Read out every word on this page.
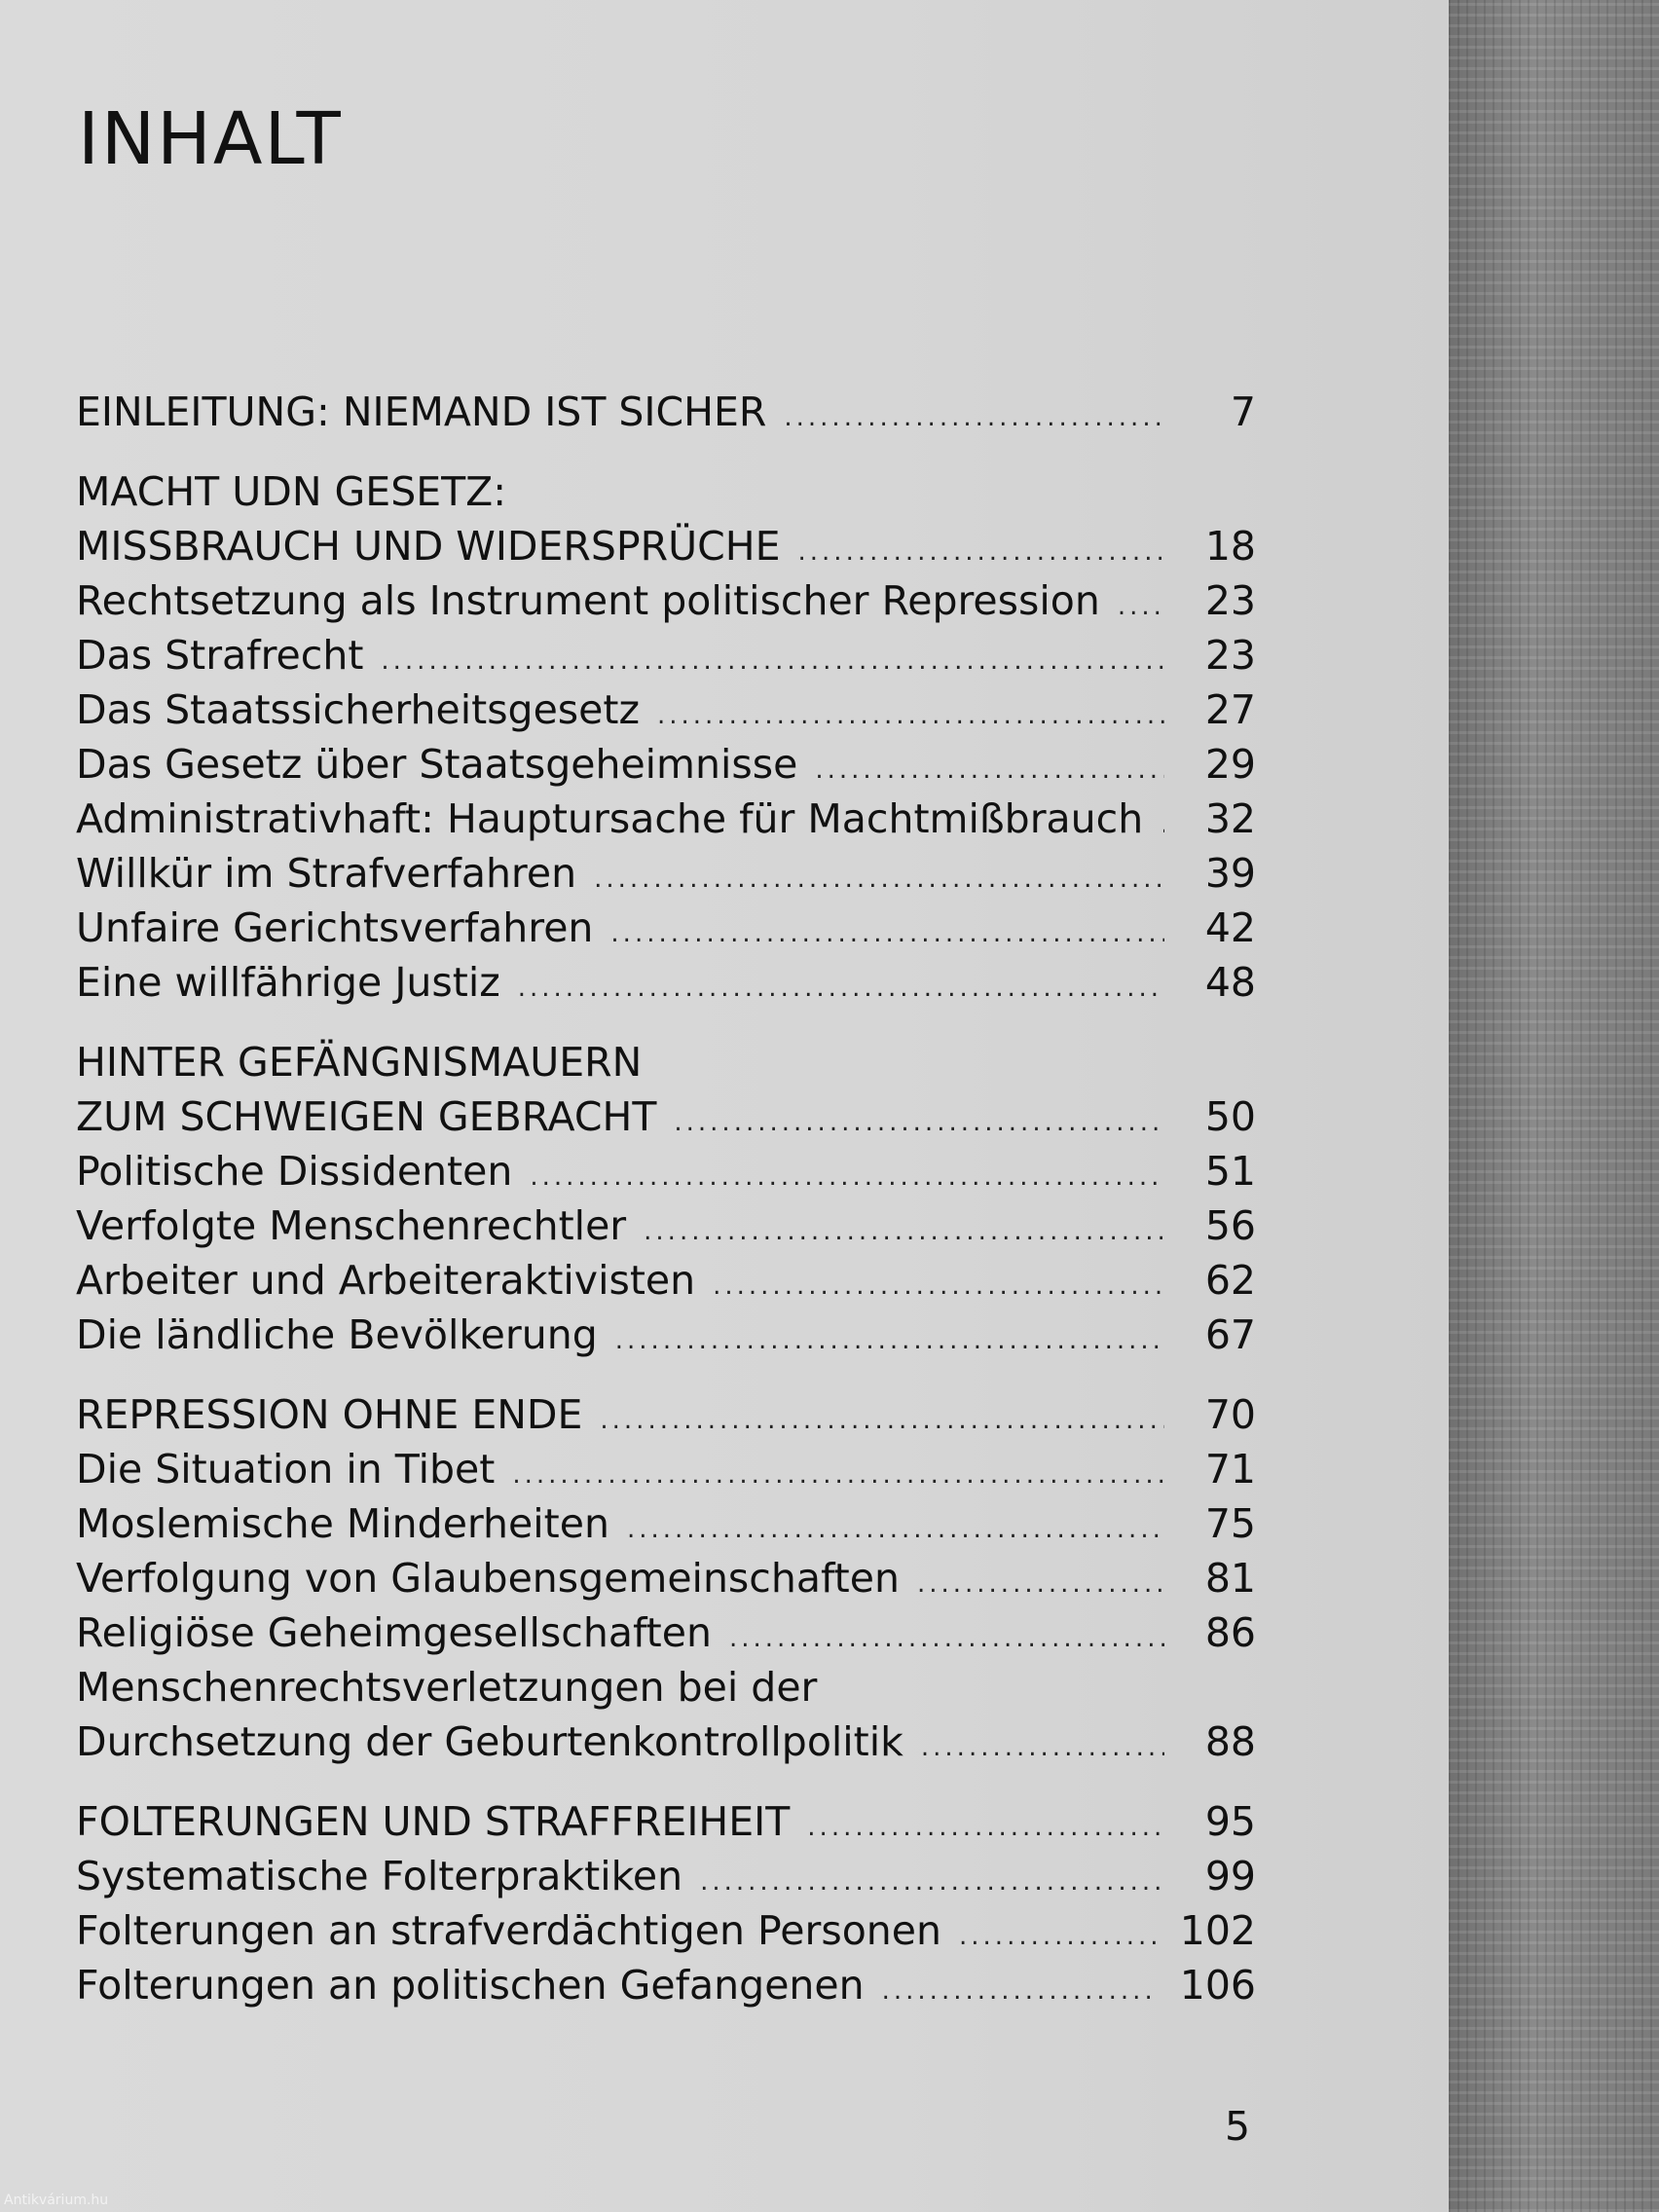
INHALT
EINLEITUNG: NIEMAND IST SICHER .....	7
MACHT UDN GESETZ:
MISSBRAUCH UND WIDERSPRÜCHE .....	18
Rechtsetzung als Instrument politischer Repression .....	23
Das Strafrecht .....	23
Das Staatssicherheitsgesetz .....	27
Das Gesetz über Staatsgeheimnisse .....	29
Administrativhaft: Hauptursache für Machtmißbrauch .....	32
Willkür im Strafverfahren .....	39
Unfaire Gerichtsverfahren .....	42
Eine willfährige Justiz .....	48
HINTER GEFÄNGNISMAUERN
ZUM SCHWEIGEN GEBRACHT .....	50
Politische Dissidenten .....	51
Verfolgte Menschenrechtler .....	56
Arbeiter und Arbeiteraktivisten .....	62
Die ländliche Bevölkerung .....	67
REPRESSION OHNE ENDE .....	70
Die Situation in Tibet .....	71
Moslemische Minderheiten .....	75
Verfolgung von Glaubensgemeinschaften .....	81
Religiöse Geheimgesellschaften .....	86
Menschenrechtsverletzungen bei der
Durchsetzung der Geburtenkontrollpolitik .....	88
FOLTERUNGEN UND STRAFFREIHEIT .....	95
Systematische Folterpraktiken .....	99
Folterungen an strafverdächtigen Personen .....	102
Folterungen an politischen Gefangenen .....	106
5
Antikvárium.hu
